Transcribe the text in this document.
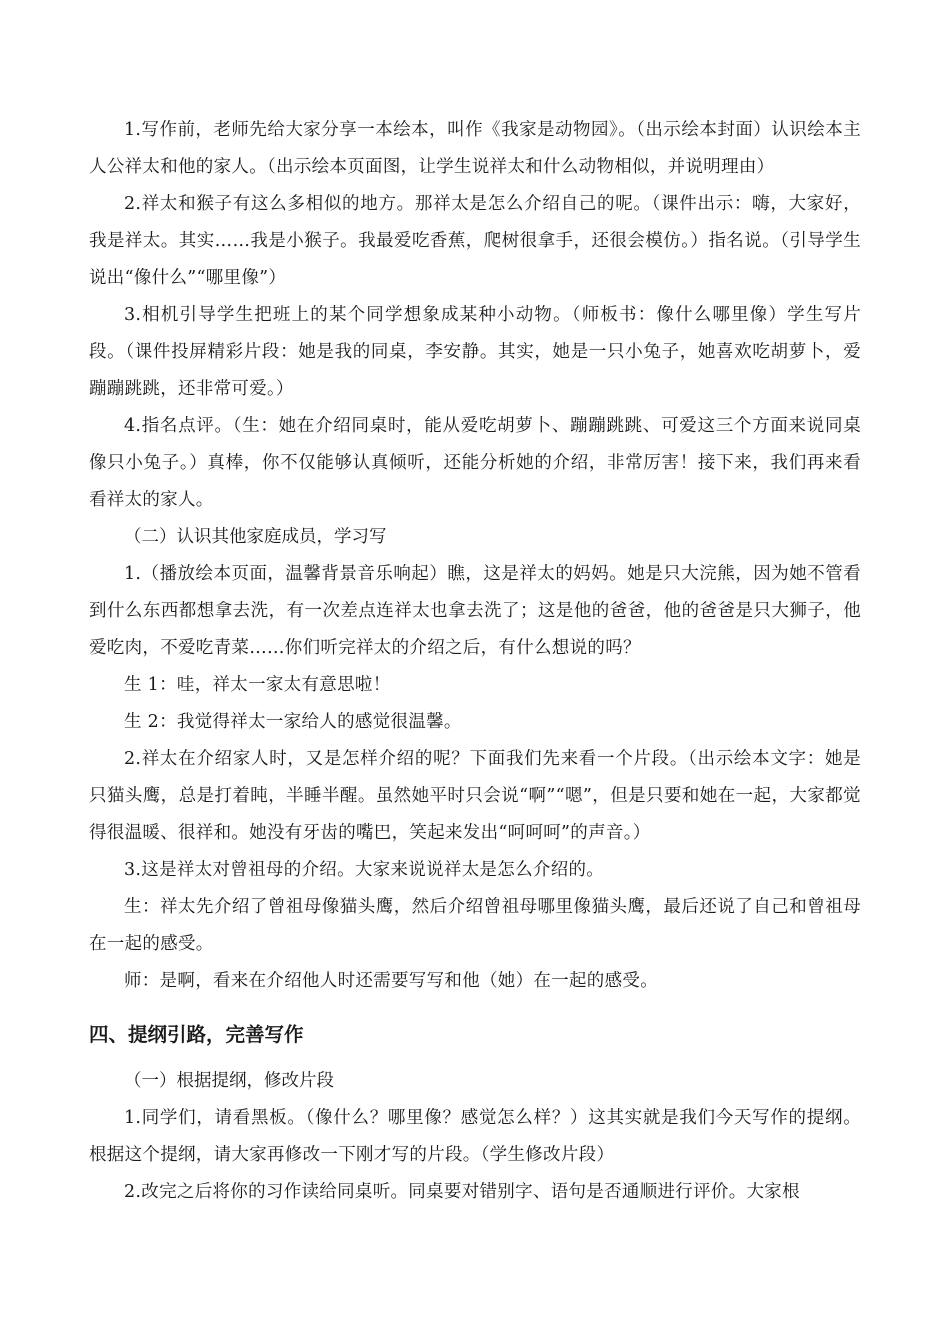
1.写作前，老师先给大家分享一本绘本，叫作《我家是动物园》。（出示绘本封面）认识绘本主人公祥太和他的家人。（出示绘本页面图，让学生说祥太和什么动物相似，并说明理由）

2.祥太和猴子有这么多相似的地方。那祥太是怎么介绍自己的呢。（课件出示：嗨，大家好，我是祥太。其实……我是小猴子。我最爱吃香蕉，爬树很拿手，还很会模仿。）指名说。（引导学生说出“像什么”“哪里像”）

3.相机引导学生把班上的某个同学想象成某种小动物。（师板书：像什么哪里像）学生写片段。（课件投屏精彩片段：她是我的同桌，李安静。其实，她是一只小兔子，她喜欢吃胡萝卜，爱蹦蹦跳跳，还非常可爱。）

4.指名点评。（生：她在介绍同桌时，能从爱吃胡萝卜、蹦蹦跳跳、可爱这三个方面来说同桌像只小兔子。）真棒，你不仅能够认真倾听，还能分析她的介绍，非常厉害！接下来，我们再来看看祥太的家人。

（二）认识其他家庭成员，学习写

1.（播放绘本页面，温馨背景音乐响起）瞧，这是祥太的妈妈。她是只大浣熊，因为她不管看到什么东西都想拿去洗，有一次差点连祥太也拿去洗了；这是他的爸爸，他的爸爸是只大狮子，他爱吃肉，不爱吃青菜……你们听完祥太的介绍之后，有什么想说的吗？

生 1：哇，祥太一家太有意思啦！

生 2：我觉得祥太一家给人的感觉很温馨。

2.祥太在介绍家人时，又是怎样介绍的呢？下面我们先来看一个片段。（出示绘本文字：她是只猫头鹰，总是打着盹，半睡半醒。虽然她平时只会说“啊”“嗯”，但是只要和她在一起，大家都觉得很温暖、很祥和。她没有牙齿的嘴巴，笑起来发出“呵呵呵”的声音。）

3.这是祥太对曾祖母的介绍。大家来说说祥太是怎么介绍的。

生：祥太先介绍了曾祖母像猫头鹰，然后介绍曾祖母哪里像猫头鹰，最后还说了自己和曾祖母在一起的感受。

师：是啊，看来在介绍他人时还需要写写和他（她）在一起的感受。

四、提纲引路，完善写作

（一）根据提纲，修改片段

1.同学们，请看黑板。（像什么？哪里像？感觉怎么样？）这其实就是我们今天写作的提纲。根据这个提纲，请大家再修改一下刚才写的片段。（学生修改片段）

2.改完之后将你的习作读给同桌听。同桌要对错别字、语句是否通顺进行评价。大家根
